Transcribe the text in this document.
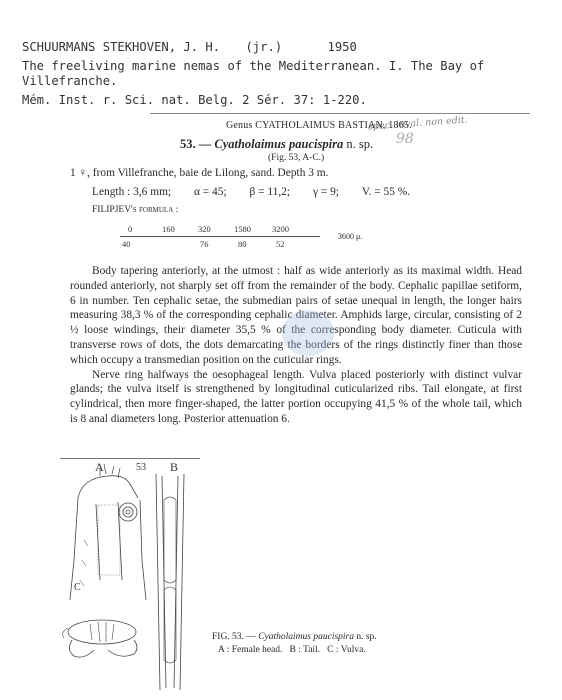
SCHUURMANS STEKHOVEN, J. H. (jr.)	1950
The freeliving marine nemas of the Mediterranean. I. The Bay of
Villefranche.
Mém. Inst. r. Sci. nat. Belg. 2 Sér. 37: 1-220.
spec. inval. non edit.
98
Genus CYATHOLAIMUS BASTIAN, 1865.
53. — Cyatholaimus paucispira n. sp.
(Fig. 53, A-C.)
1 ♀, from Villefranche, baie de Lilong, sand. Depth 3 m.
Length : 3,6 mm; α = 45; β = 11,2; γ = 9; V. = 55 %.
FILIPJEV's formula :
0	160	320	1580 3200
40	76	80	52
3600 μ.

Body tapering anteriorly, at the utmost : half as wide anteriorly as its maximal width. Head rounded anteriorly, not sharply set off from the remainder of the body. Cephalic papillae setiform, 6 in number. Ten cephalic setae, the submedian pairs of setae unequal in length, the longer hairs measuring 38,3 % of the corresponding cephalic diameter. Amphids large, circular, consisting of 2 ½ loose windings, their diameter 35,5 % of the corresponding body diameter. Cuticula with transverse rows of dots, the dots demarcating the borders of the rings distinctly finer than those which occupy a transmedian position on the cuticular rings.

Nerve ring halfways the oesophageal length. Vulva placed posteriorly with distinct vulvar glands; the vulva itself is strengthened by longitudinal cuticularized ribs. Tail elongate, at first cylindrical, then more finger-shaped, the latter portion occupying 41,5 % of the whole tail, which is 8 anal diameters long. Posterior attenuation 6.

A	53 B
C
FIG. 53. — Cyatholaimus paucispira n. sp.
A : Female head.   B : Tail.   C : Vulva.
